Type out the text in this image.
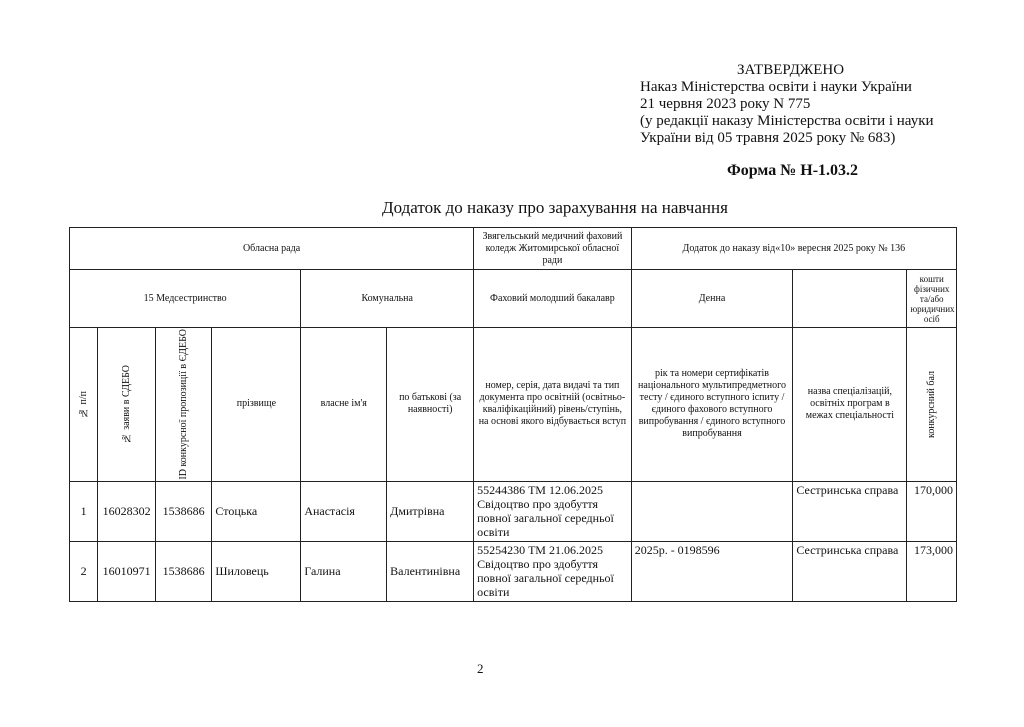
ЗАТВЕРДЖЕНО
Наказ Міністерства освіти і науки України
21 червня 2023 року N 775
(у редакції наказу Міністерства освіти і науки
України від 05 травня 2025 року № 683)
Форма № Н-1.03.2
Додаток до наказу про зарахування на навчання
Обласна рада						Звягельський медичний фаховий коледж Житомирської обласної ради	Додаток до наказу від«10» вересня 2025 року № 136		
15 Медсестринство				Комунальна		Фаховий молодший бакалавр	Денна		кошти фізичних та/або юридичних осіб

№ п/п	№ заяви в СДЕБО	ID конкурсної пропозиції в ЄДЕБО	прізвище	власне ім'я	по батькові (за наявності)	номер, серія, дата видачі та тип документа про освітній (освітньо-кваліфікаційний) рівень/ступінь, на основі якого відбувається вступ	рік та номери сертифікатів національного мультипредметного тесту / єдиного вступного іспиту / єдиного фахового вступного випробування / єдиного вступного випробування	назва спеціалізацій, освітніх програм в межах спеціальності	конкурсний бал

1	16028302	1538686	Стоцька	Анастасія	Дмитрівна	55244386 ТМ 12.06.2025 Свідоцтво про здобуття повної загальної середньої освіти		Сестринська справа	170,000
2	16010971	1538686	Шиловець	Галина	Валентинівна	55254230 ТМ 21.06.2025 Свідоцтво про здобуття повної загальної середньої освіти	2025р. - 0198596	Сестринська справа	173,000
2
